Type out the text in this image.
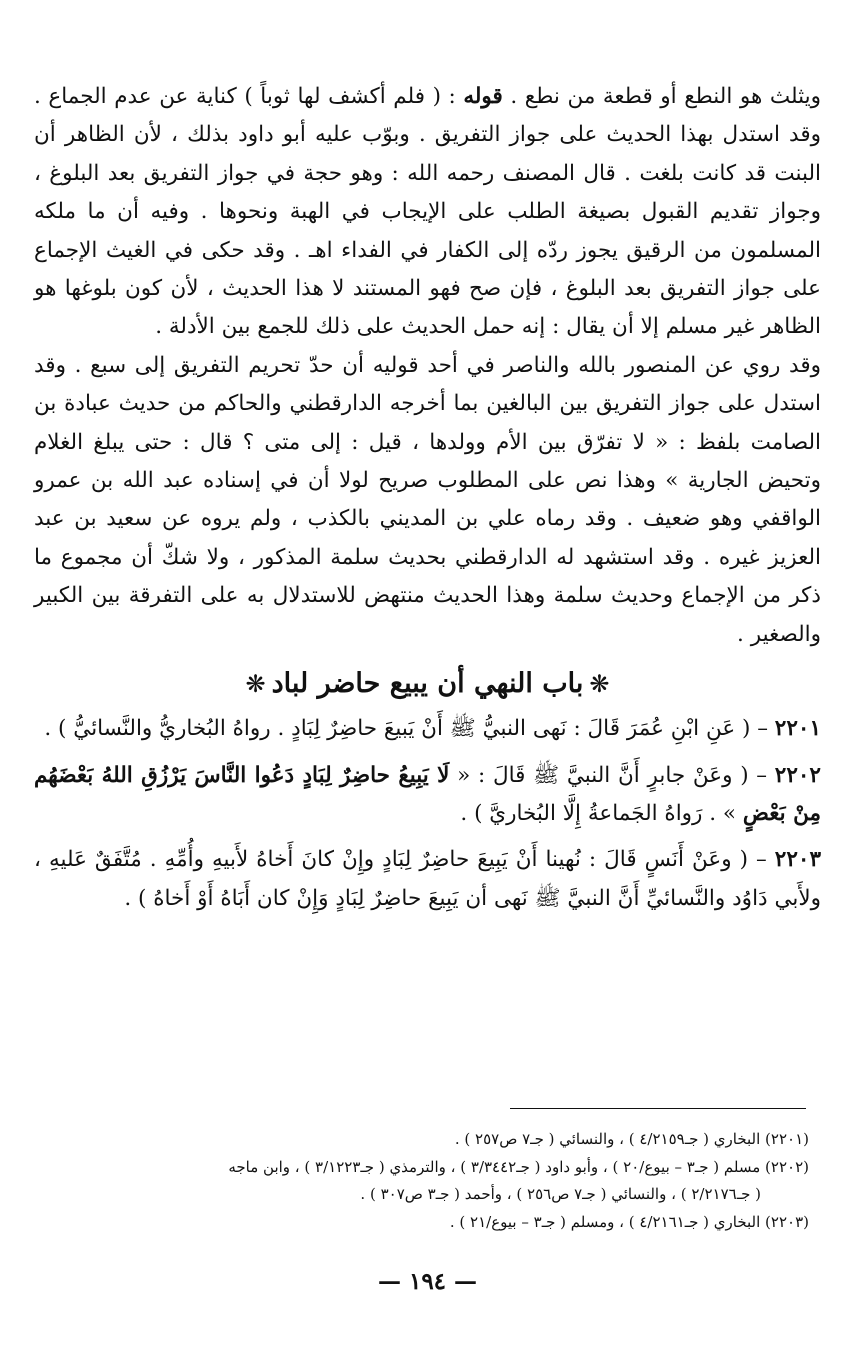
ويثلث هو النطع أو قطعة من نطع . قوله : ( فلم أكشف لها ثوباً ) كناية عن عدم الجماع . وقد استدل بهذا الحديث على جواز التفريق . وبوّب عليه أبو داود بذلك ، لأن الظاهر أن البنت قد كانت بلغت . قال المصنف رحمه الله : وهو حجة في جواز التفريق بعد البلوغ ، وجواز تقديم القبول بصيغة الطلب على الإيجاب في الهبة ونحوها . وفيه أن ما ملكه المسلمون من الرقيق يجوز ردّه إلى الكفار في الفداء اهـ . وقد حكى في الغيث الإجماع على جواز التفريق بعد البلوغ ، فإن صح فهو المستند لا هذا الحديث ، لأن كون بلوغها هو الظاهر غير مسلم إلا أن يقال : إنه حمل الحديث على ذلك للجمع بين الأدلة .

وقد روي عن المنصور بالله والناصر في أحد قوليه أن حدّ تحريم التفريق إلى سبع . وقد استدل على جواز التفريق بين البالغين بما أخرجه الدارقطني والحاكم من حديث عبادة بن الصامت بلفظ : « لا تفرّق بين الأم وولدها ، قيل : إلى متى ؟ قال : حتى يبلغ الغلام وتحيض الجارية » وهذا نص على المطلوب صريح لولا أن في إسناده عبد الله بن عمرو الواقفي وهو ضعيف . وقد رماه علي بن المديني بالكذب ، ولم يروه عن سعيد بن عبد العزيز غيره . وقد استشهد له الدارقطني بحديث سلمة المذكور ، ولا شكّ أن مجموع ما ذكر من الإجماع وحديث سلمة وهذا الحديث منتهض للاستدلال به على التفرقة بين الكبير والصغير .

❋باب النهي أن يبيع حاضر لباد❋

٢٢٠١ – ( عَنِ ابْنِ عُمَرَ قَالَ : نَهى النبيُّ ﷺ أَنْ يَبيعَ حاضِرٌ لِبَادٍ . رواهُ البُخاريُّ والنَّسائيُّ ) .

٢٢٠٢ – ( وعَنْ جابرٍ أَنَّ النبيَّ ﷺ قَالَ : « لَا يَبِيعُ حاضِرٌ لِبَادٍ دَعُوا النَّاسَ يَرْزُقِ اللهُ بَعْضَهُم مِنْ بَعْضٍ » . رَواهُ الجَماعةُ إِلَّا البُخاريَّ ) .

٢٢٠٣ – ( وعَنْ أَنَسٍ قَالَ : نُهينا أَنْ يَبِيعَ حاضِرٌ لِبَادٍ وإِنْ كانَ أَخاهُ لأَبيهِ وأُمِّهِ . مُتَّفَقٌ عَليهِ ، ولأَبي دَاوُد والنَّسائيِّ أَنَّ النبيَّ ﷺ نَهى أن يَبِيعَ حاضِرٌ لِبَادٍ وَإِنْ كان أَبَاهُ أَوْ أَخاهُ ) .

(٢٢٠١) البخاري ( جـ٤/٢١٥٩ ) ، والنسائي ( جـ٧ ص٢٥٧ ) .

(٢٢٠٢) مسلم ( جـ٣ – بيوع/٢٠ ) ، وأبو داود ( جـ٣/٣٤٤٢ ) ، والترمذي ( جـ٣/١٢٢٣ ) ، وابن ماجه

( جـ٢/٢١٧٦ ) ، والنسائي ( جـ٧ ص٢٥٦ ) ، وأحمد ( جـ٣ ص٣٠٧ ) .

(٢٢٠٣) البخاري ( جـ٤/٢١٦١ ) ، ومسلم ( جـ٣ – بيوع/٢١ ) .

— ١٩٤ —
